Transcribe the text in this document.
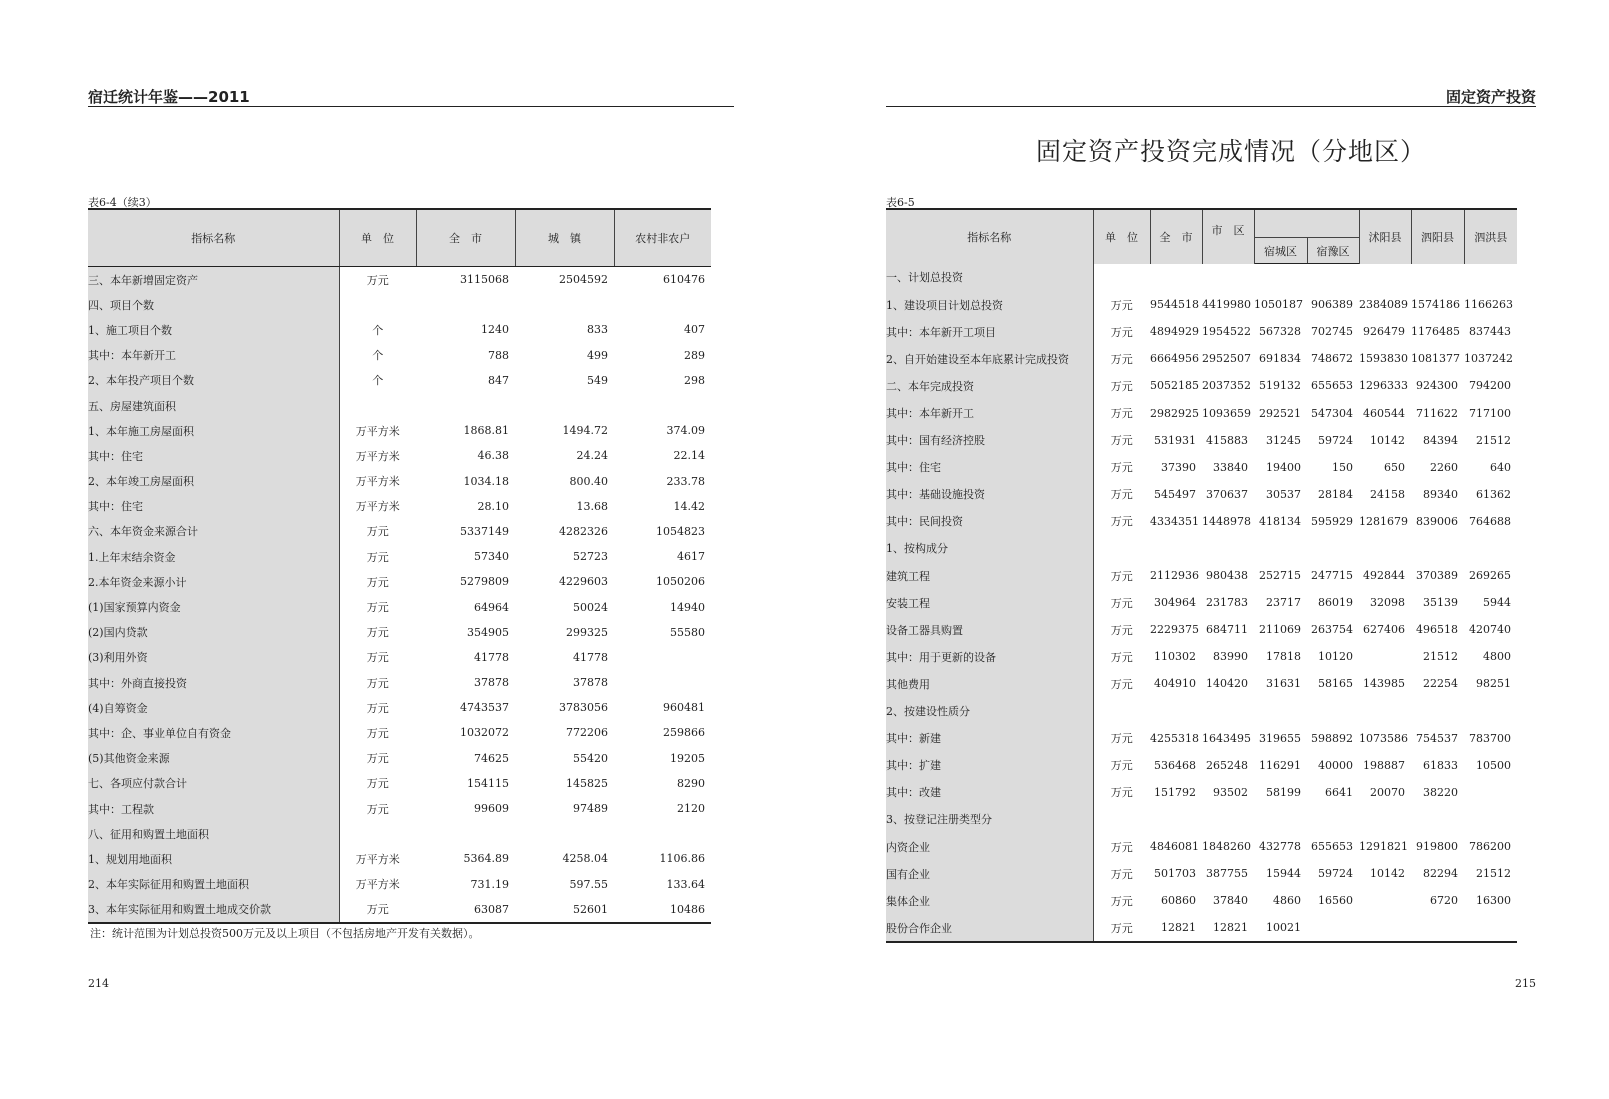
宿迁统计年鉴——2011
表6-4（续3）
指标名称	单　位	全　市	城　镇	农村非农户
三、本年新增固定资产	万元	3115068	2504592	610476
四、项目个数				
1、施工项目个数	个	1240	833	407
其中：本年新开工	个	788	499	289
2、本年投产项目个数	个	847	549	298
五、房屋建筑面积				
1、本年施工房屋面积	万平方米	1868.81	1494.72	374.09
其中：住宅	万平方米	46.38	24.24	22.14
2、本年竣工房屋面积	万平方米	1034.18	800.40	233.78
其中：住宅	万平方米	28.10	13.68	14.42
六、本年资金来源合计	万元	5337149	4282326	1054823
1.上年末结余资金	万元	57340	52723	4617
2.本年资金来源小计	万元	5279809	4229603	1050206
(1)国家预算内资金	万元	64964	50024	14940
(2)国内贷款	万元	354905	299325	55580
(3)利用外资	万元	41778	41778	
其中：外商直接投资	万元	37878	37878	
(4)自筹资金	万元	4743537	3783056	960481
其中：企、事业单位自有资金	万元	1032072	772206	259866
(5)其他资金来源	万元	74625	55420	19205
七、各项应付款合计	万元	154115	145825	8290
其中：工程款	万元	99609	97489	2120
八、征用和购置土地面积				
1、规划用地面积	万平方米	5364.89	4258.04	1106.86
2、本年实际征用和购置土地面积	万平方米	731.19	597.55	133.64
3、本年实际征用和购置土地成交价款	万元	63087	52601	10486
注：统计范围为计划总投资500万元及以上项目（不包括房地产开发有关数据）。
214
固定资产投资
固定资产投资完成情况（分地区）
表6-5
指标名称	单　位	全　市	市　区			沭阳县	泗阳县	泗洪县
				宿城区	宿豫区			
一、计划总投资								
1、建设项目计划总投资	万元	9544518	4419980	1050187	906389	2384089	1574186	1166263
其中：本年新开工项目	万元	4894929	1954522	567328	702745	926479	1176485	837443
2、自开始建设至本年底累计完成投资	万元	6664956	2952507	691834	748672	1593830	1081377	1037242
二、本年完成投资	万元	5052185	2037352	519132	655653	1296333	924300	794200
其中：本年新开工	万元	2982925	1093659	292521	547304	460544	711622	717100
其中：国有经济控股	万元	531931	415883	31245	59724	10142	84394	21512
其中：住宅	万元	37390	33840	19400	150	650	2260	640
其中：基础设施投资	万元	545497	370637	30537	28184	24158	89340	61362
其中：民间投资	万元	4334351	1448978	418134	595929	1281679	839006	764688
1、按构成分								
建筑工程	万元	2112936	980438	252715	247715	492844	370389	269265
安装工程	万元	304964	231783	23717	86019	32098	35139	5944
设备工器具购置	万元	2229375	684711	211069	263754	627406	496518	420740
其中：用于更新的设备	万元	110302	83990	17818	10120		21512	4800
其他费用	万元	404910	140420	31631	58165	143985	22254	98251
2、按建设性质分								
其中：新建	万元	4255318	1643495	319655	598892	1073586	754537	783700
其中：扩建	万元	536468	265248	116291	40000	198887	61833	10500
其中：改建	万元	151792	93502	58199	6641	20070	38220	
3、按登记注册类型分								
内资企业	万元	4846081	1848260	432778	655653	1291821	919800	786200
国有企业	万元	501703	387755	15944	59724	10142	82294	21512
集体企业	万元	60860	37840	4860	16560		6720	16300
股份合作企业	万元	12821	12821	10021				
215
